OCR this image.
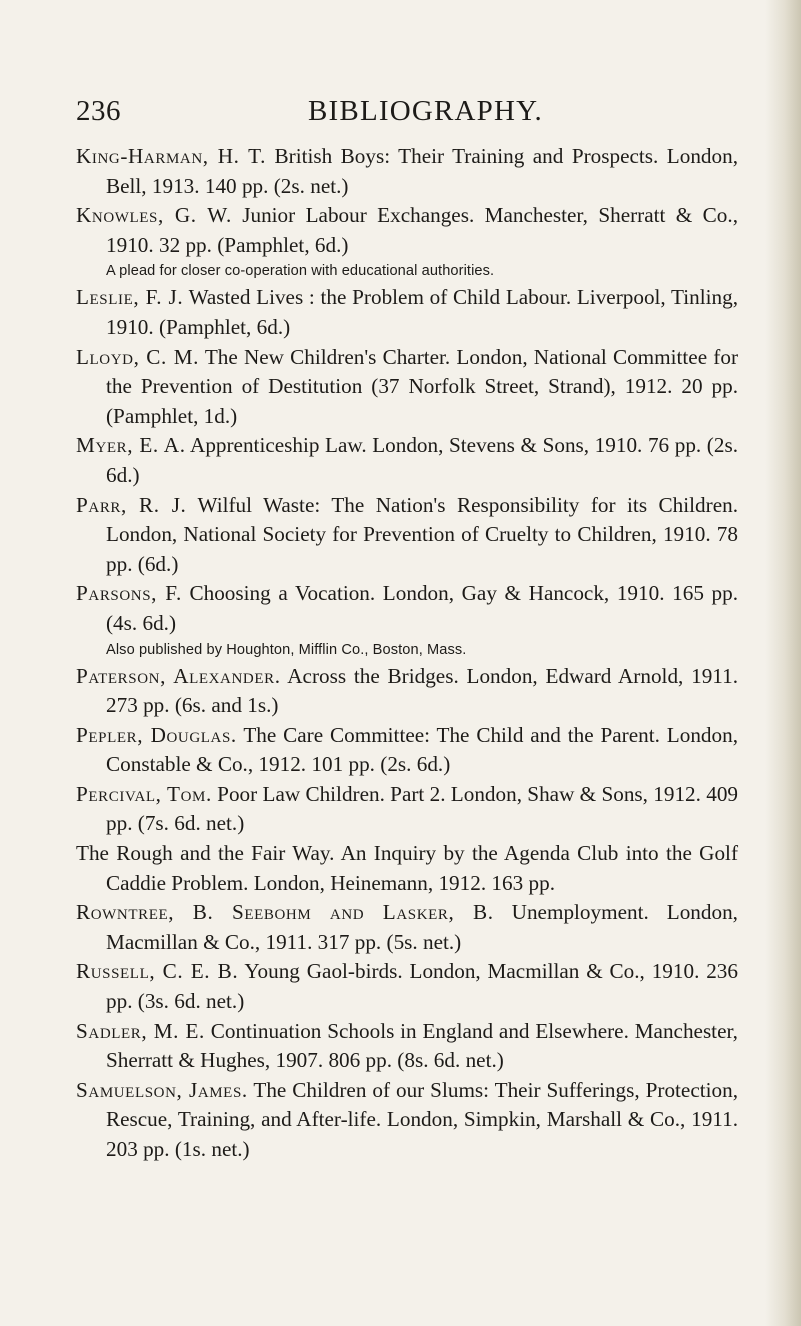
236	BIBLIOGRAPHY.

King-Harman, H. T. British Boys: Their Training and Prospects. London, Bell, 1913. 140 pp. (2s. net.)

Knowles, G. W. Junior Labour Exchanges. Manchester, Sherratt & Co., 1910. 32 pp. (Pamphlet, 6d.)

A plead for closer co-operation with educational authorities.

Leslie, F. J. Wasted Lives : the Problem of Child Labour. Liverpool, Tinling, 1910. (Pamphlet, 6d.)

Lloyd, C. M. The New Children's Charter. London, National Committee for the Prevention of Destitution (37 Norfolk Street, Strand), 1912. 20 pp. (Pamphlet, 1d.)

Myer, E. A. Apprenticeship Law. London, Stevens & Sons, 1910. 76 pp. (2s. 6d.)

Parr, R. J. Wilful Waste: The Nation's Responsibility for its Children. London, National Society for Prevention of Cruelty to Children, 1910. 78 pp. (6d.)

Parsons, F. Choosing a Vocation. London, Gay & Hancock, 1910. 165 pp. (4s. 6d.)

Also published by Houghton, Mifflin Co., Boston, Mass.

Paterson, Alexander. Across the Bridges. London, Edward Arnold, 1911. 273 pp. (6s. and 1s.)

Pepler, Douglas. The Care Committee: The Child and the Parent. London, Constable & Co., 1912. 101 pp. (2s. 6d.)

Percival, Tom. Poor Law Children. Part 2. London, Shaw & Sons, 1912. 409 pp. (7s. 6d. net.)

The Rough and the Fair Way. An Inquiry by the Agenda Club into the Golf Caddie Problem. London, Heinemann, 1912. 163 pp.

Rowntree, B. Seebohm and Lasker, B. Unemployment. London, Macmillan & Co., 1911. 317 pp. (5s. net.)

Russell, C. E. B. Young Gaol-birds. London, Macmillan & Co., 1910. 236 pp. (3s. 6d. net.)

Sadler, M. E. Continuation Schools in England and Elsewhere. Manchester, Sherratt & Hughes, 1907. 806 pp. (8s. 6d. net.)

Samuelson, James. The Children of our Slums: Their Sufferings, Protection, Rescue, Training, and After-life. London, Simpkin, Marshall & Co., 1911. 203 pp. (1s. net.)
